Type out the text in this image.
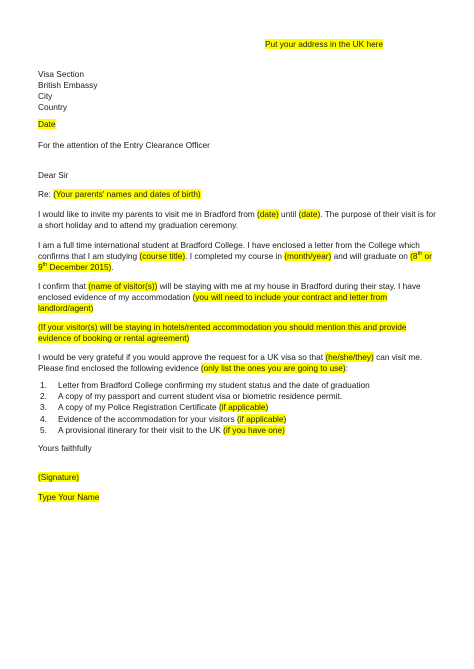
Put your address in the UK here
Visa Section
British Embassy
City
Country
Date
For the attention of the Entry Clearance Officer
Dear Sir
Re: (Your parents' names and dates of birth)

I would like to invite my parents to visit me in Bradford from (date) until (date). The purpose of their visit is for a short holiday and to attend my graduation ceremony.

I am a full time international student at Bradford College. I have enclosed a letter from the College which confirms that I am studying (course title). I completed my course in (month/year) and will graduate on (8th or 9th December 2015).

I confirm that (name of visitor(s)) will be staying with me at my house in Bradford during their stay. I have enclosed evidence of my accommodation (you will need to include your contract and letter from landlord/agent)

(If your visitor(s) will be staying in hotels/rented accommodation you should mention this and provide evidence of booking or rental agreement)

I would be very grateful if you would approve the request for a UK visa so that (he/she/they) can visit me. Please find enclosed the following evidence (only list the ones you are going to use):

1.	Letter from Bradford College confirming my student status and the date of graduation
2.	A copy of my passport and current student visa or biometric residence permit.
3.	A copy of my Police Registration Certificate (if applicable)
4.	Evidence of the accommodation for your visitors (if applicable)
5.	A provisional itinerary for their visit to the UK (if you have one)
Yours faithfully
(Signature)
Type Your Name
